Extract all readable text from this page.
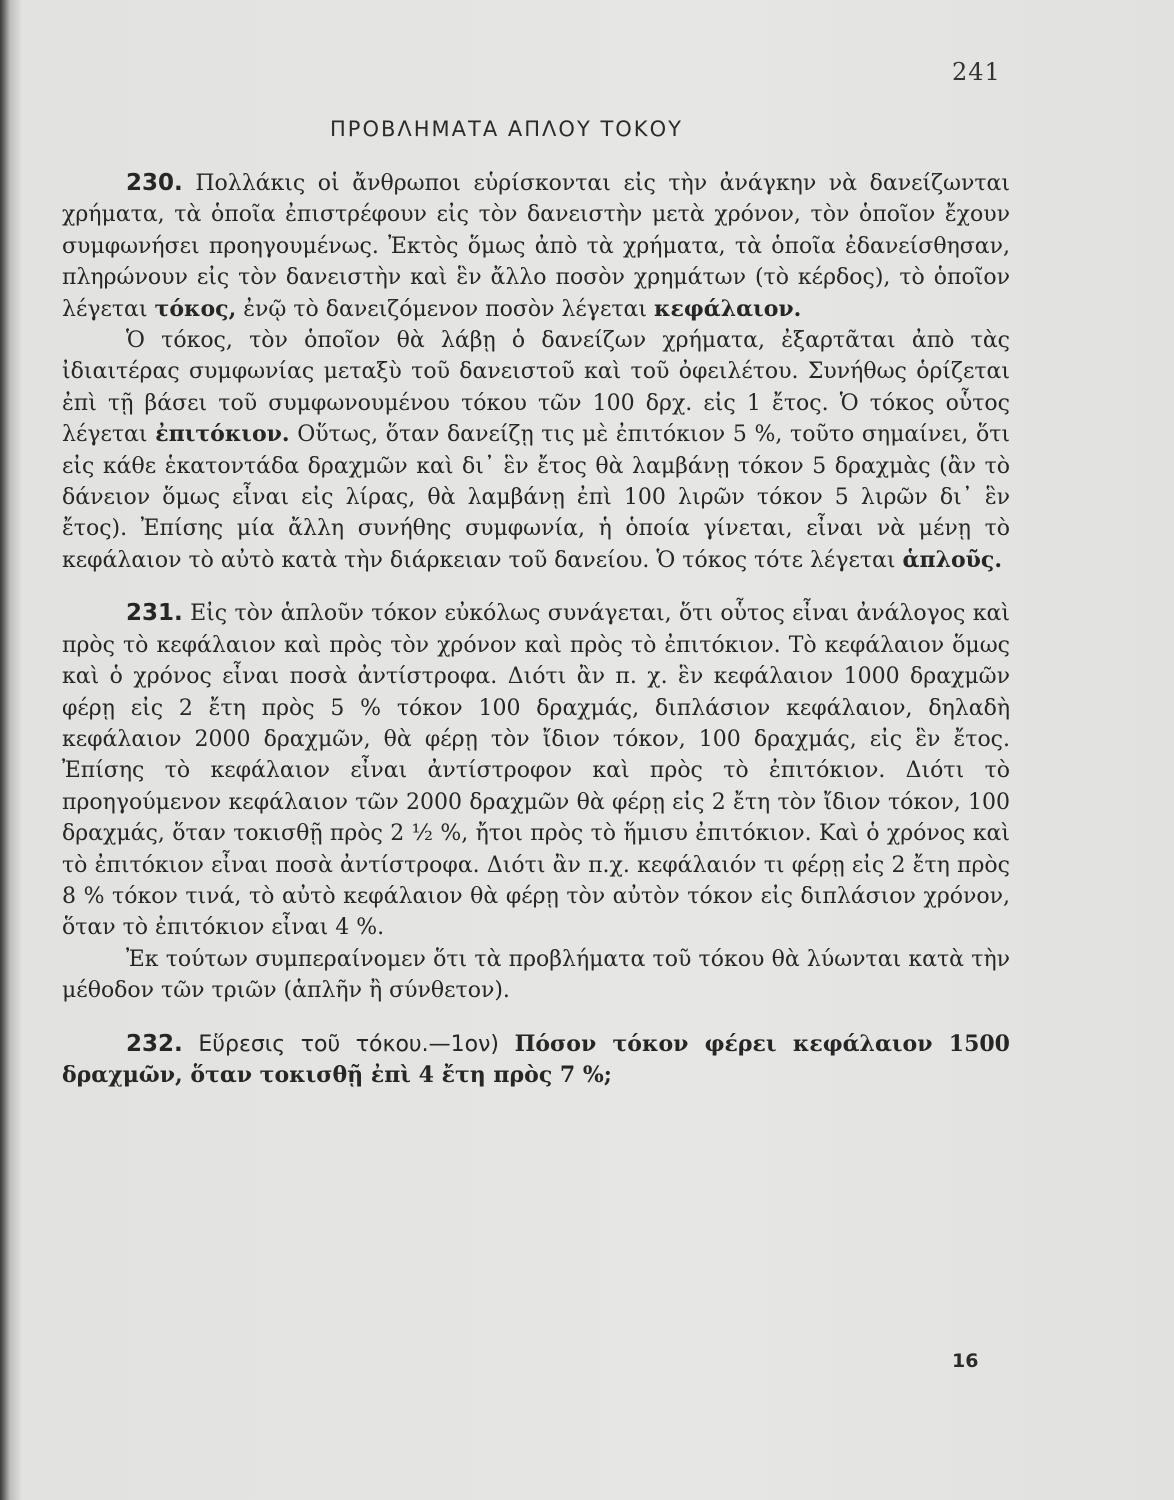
241
ΠΡΟΒΛΗΜΑΤΑ ΑΠΛΟΥ ΤΟΚΟΥ

230. Πολλάκις οἱ ἄνθρωποι εὑρίσκονται εἰς τὴν ἀνάγκην νὰ δανείζωνται χρήματα, τὰ ὁποῖα ἐπιστρέφουν εἰς τὸν δανειστὴν μετὰ χρόνον, τὸν ὁποῖον ἔχουν συμφωνήσει προηγουμένως. Ἐκτὸς ὅμως ἀπὸ τὰ χρήματα, τὰ ὁποῖα ἐδανείσθησαν, πληρώνουν εἰς τὸν δανειστὴν καὶ ἓν ἄλλο ποσὸν χρημάτων (τὸ κέρδος), τὸ ὁποῖον λέγεται τόκος, ἐνῷ τὸ δανειζόμενον ποσὸν λέγεται κεφάλαιον.

Ὁ τόκος, τὸν ὁποῖον θὰ λάβῃ ὁ δανείζων χρήματα, ἐξαρτᾶται ἀπὸ τὰς ἰδιαιτέρας συμφωνίας μεταξὺ τοῦ δανειστοῦ καὶ τοῦ ὀφειλέτου. Συνήθως ὁρίζεται ἐπὶ τῇ βάσει τοῦ συμφωνουμένου τόκου τῶν 100 δρχ. εἰς 1 ἔτος. Ὁ τόκος οὗτος λέγεται ἐπιτόκιον. Οὕτως, ὅταν δανείζῃ τις μὲ ἐπιτόκιον 5 %, τοῦτο σημαίνει, ὅτι εἰς κάθε ἑκατοντάδα δραχμῶν καὶ δι᾽ ἓν ἔτος θὰ λαμβάνῃ τόκον 5 δραχμὰς (ἂν τὸ δάνειον ὅμως εἶναι εἰς λίρας, θὰ λαμβάνῃ ἐπὶ 100 λιρῶν τόκον 5 λιρῶν δι᾽ ἓν ἔτος). Ἐπίσης μία ἄλλη συνήθης συμφωνία, ἡ ὁποία γίνεται, εἶναι νὰ μένῃ τὸ κεφάλαιον τὸ αὐτὸ κατὰ τὴν διάρκειαν τοῦ δανείου. Ὁ τόκος τότε λέγεται ἁπλοῦς.

231. Εἰς τὸν ἁπλοῦν τόκον εὐκόλως συνάγεται, ὅτι οὗτος εἶναι ἀνάλογος καὶ πρὸς τὸ κεφάλαιον καὶ πρὸς τὸν χρόνον καὶ πρὸς τὸ ἐπιτόκιον. Τὸ κεφάλαιον ὅμως καὶ ὁ χρόνος εἶναι ποσὰ ἀντίστροφα. Διότι ἂν π. χ. ἓν κεφάλαιον 1000 δραχμῶν φέρῃ εἰς 2 ἔτη πρὸς 5 % τόκον 100 δραχμάς, διπλάσιον κεφάλαιον, δηλαδὴ κεφάλαιον 2000 δραχμῶν, θὰ φέρῃ τὸν ἴδιον τόκον, 100 δραχμάς, εἰς ἓν ἔτος. Ἐπίσης τὸ κεφάλαιον εἶναι ἀντίστροφον καὶ πρὸς τὸ ἐπιτόκιον. Διότι τὸ προηγούμενον κεφάλαιον τῶν 2000 δραχμῶν θὰ φέρῃ εἰς 2 ἔτη τὸν ἴδιον τόκον, 100 δραχμάς, ὅταν τοκισθῇ πρὸς 2 ½ %, ἤτοι πρὸς τὸ ἥμισυ ἐπιτόκιον. Καὶ ὁ χρόνος καὶ τὸ ἐπιτόκιον εἶναι ποσὰ ἀντίστροφα. Διότι ἂν π.χ. κεφάλαιόν τι φέρῃ εἰς 2 ἔτη πρὸς 8 % τόκον τινά, τὸ αὐτὸ κεφάλαιον θὰ φέρῃ τὸν αὐτὸν τόκον εἰς διπλάσιον χρόνον, ὅταν τὸ ἐπιτόκιον εἶναι 4 %.

Ἐκ τούτων συμπεραίνομεν ὅτι τὰ προβλήματα τοῦ τόκου θὰ λύωνται κατὰ τὴν μέθοδον τῶν τριῶν (ἁπλῆν ἢ σύνθετον).

232. Εὕρεσις τοῦ τόκου.—1ον) Πόσον τόκον φέρει κεφάλαιον 1500 δραχμῶν, ὅταν τοκισθῇ ἐπὶ 4 ἔτη πρὸς 7 %;

16
